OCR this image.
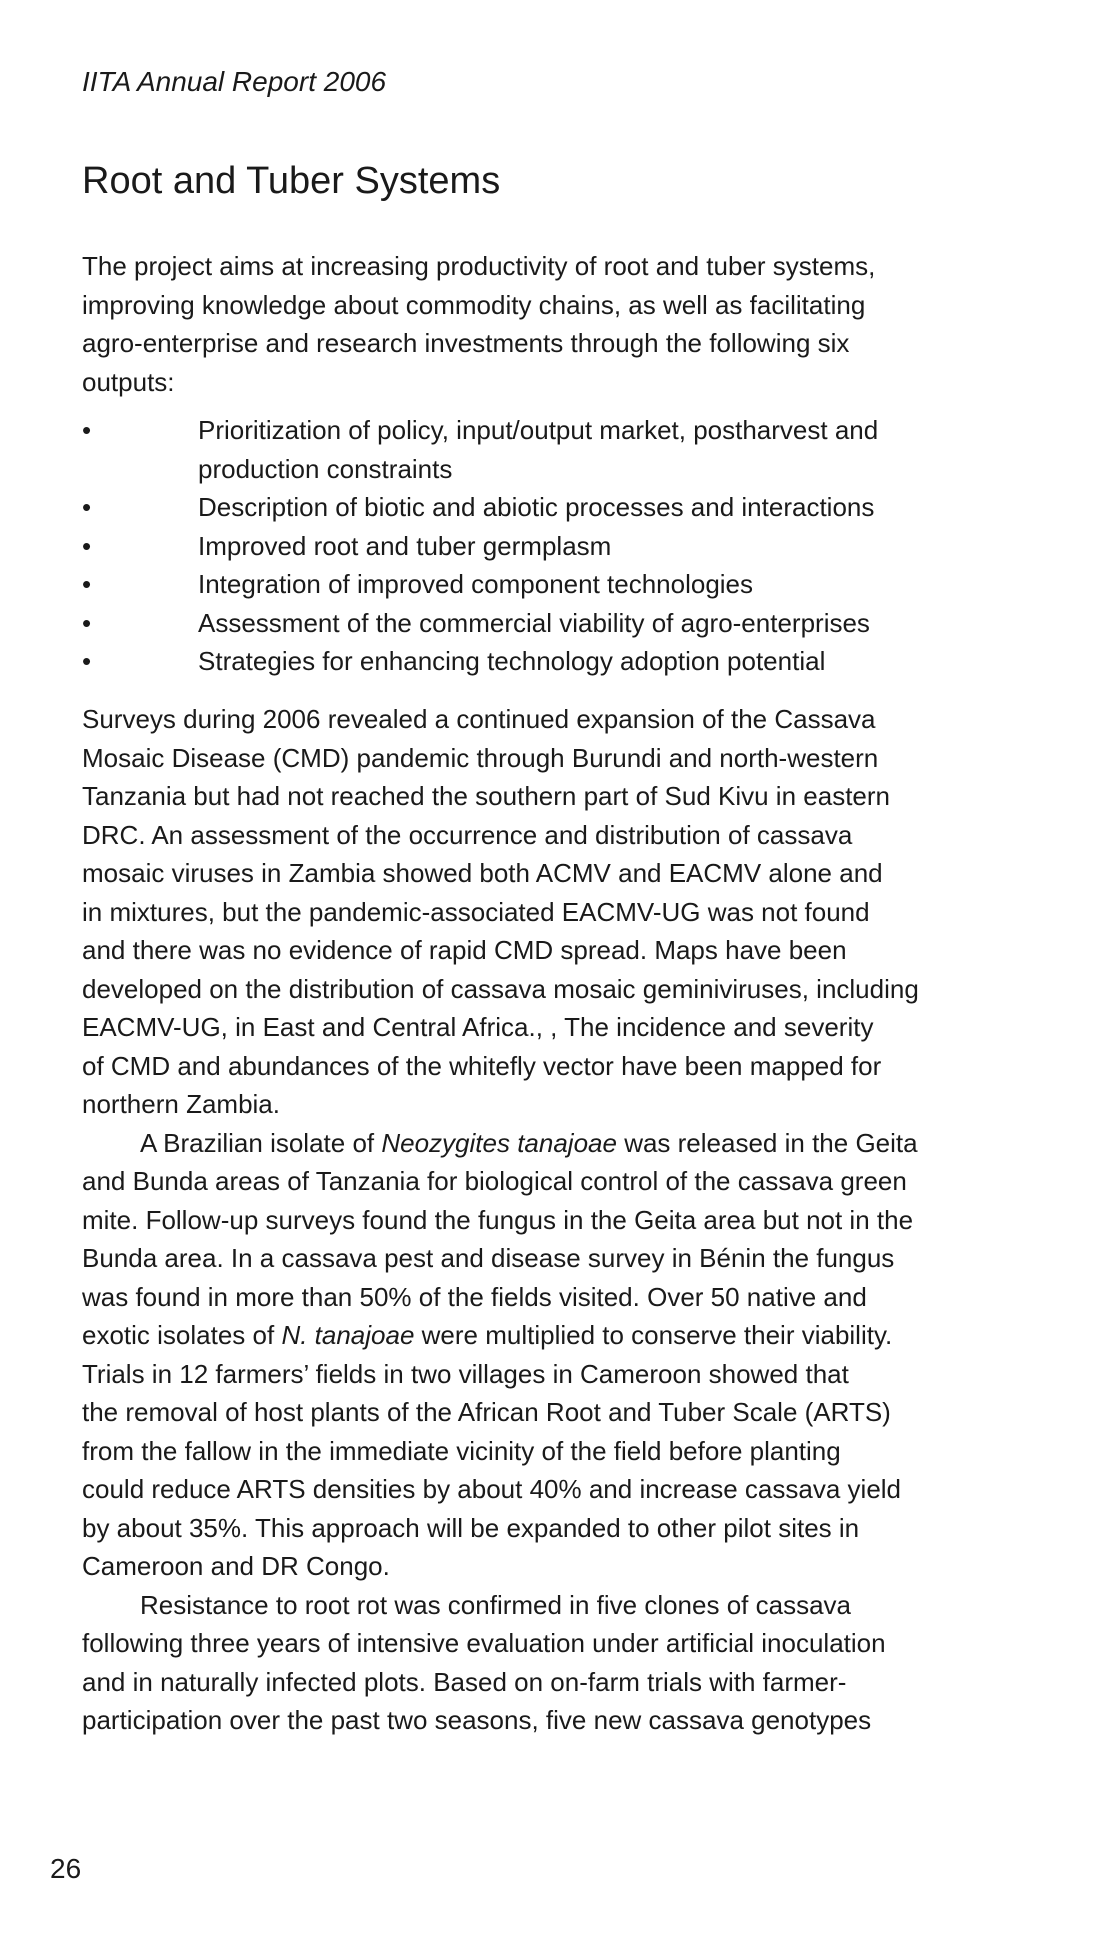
IITA Annual Report 2006
Root and Tuber Systems
The project aims at increasing productivity of root and tuber systems,
improving knowledge about commodity chains, as well as facilitating
agro-enterprise and research investments through the following six
outputs:
•	Prioritization of policy, input/output market, postharvest and
production constraints
•	Description of biotic and abiotic processes and interactions
•	Improved root and tuber germplasm
•	Integration of improved component technologies
•	Assessment of the commercial viability of agro-enterprises
•	Strategies for enhancing technology adoption potential
Surveys during 2006 revealed a continued expansion of the Cassava
Mosaic Disease (CMD) pandemic through Burundi and north-western
Tanzania but had not reached the southern part of Sud Kivu in eastern
DRC. An assessment of the occurrence and distribution of cassava
mosaic viruses in Zambia showed both ACMV and EACMV alone and
in mixtures, but the pandemic-associated EACMV-UG was not found
and there was no evidence of rapid CMD spread. Maps have been
developed on the distribution of cassava mosaic geminiviruses, including
EACMV-UG, in East and Central Africa., , The incidence and severity
of CMD and abundances of the whitefly vector have been mapped for
northern Zambia.
A Brazilian isolate of Neozygites tanajoae was released in the Geita
and Bunda areas of Tanzania for biological control of the cassava green
mite. Follow-up surveys found the fungus in the Geita area but not in the
Bunda area. In a cassava pest and disease survey in Bénin the fungus
was found in more than 50% of the fields visited. Over 50 native and
exotic isolates of N. tanajoae were multiplied to conserve their viability.
Trials in 12 farmers’ fields in two villages in Cameroon showed that
the removal of host plants of the African Root and Tuber Scale (ARTS)
from the fallow in the immediate vicinity of the field before planting
could reduce ARTS densities by about 40% and increase cassava yield
by about 35%. This approach will be expanded to other pilot sites in
Cameroon and DR Congo.
Resistance to root rot was confirmed in five clones of cassava
following three years of intensive evaluation under artificial inoculation
and in naturally infected plots. Based on on-farm trials with farmer-
participation over the past two seasons, five new cassava genotypes
26
